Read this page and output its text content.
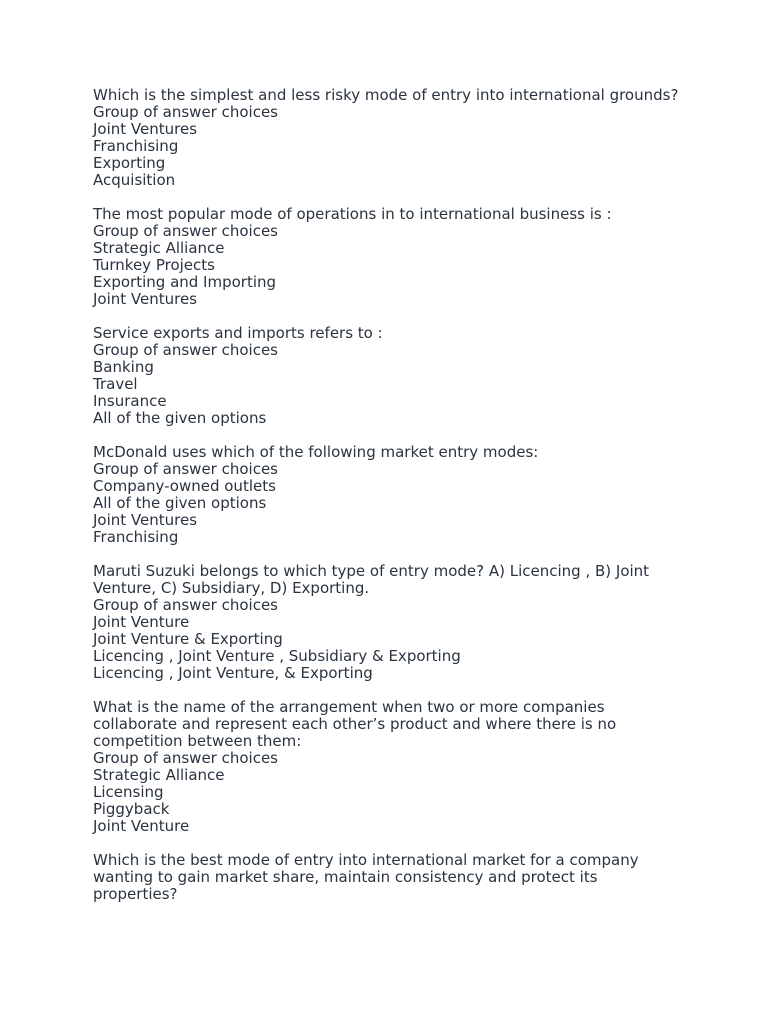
Which is the simplest and less risky mode of entry into international grounds?
Group of answer choices
Joint Ventures
Franchising
Exporting
Acquisition
The most popular mode of operations in to international business is :
Group of answer choices
Strategic Alliance
Turnkey Projects
Exporting and Importing
Joint Ventures
Service exports and imports refers to :
Group of answer choices
Banking
Travel
Insurance
All of the given options
McDonald uses which of the following market entry modes:
Group of answer choices
Company-owned outlets
All of the given options
Joint Ventures
Franchising
Maruti Suzuki belongs to which type of entry mode? A) Licencing , B) Joint Venture, C) Subsidiary, D) Exporting.
Group of answer choices
Joint Venture
Joint Venture & Exporting
Licencing , Joint Venture , Subsidiary & Exporting
Licencing , Joint Venture, & Exporting
What is the name of the arrangement when two or more companies collaborate and represent each other’s product and where there is no competition between them:
Group of answer choices
Strategic Alliance
Licensing
Piggyback
Joint Venture
Which is the best mode of entry into international market for a company wanting to gain market share, maintain consistency and protect its properties?
